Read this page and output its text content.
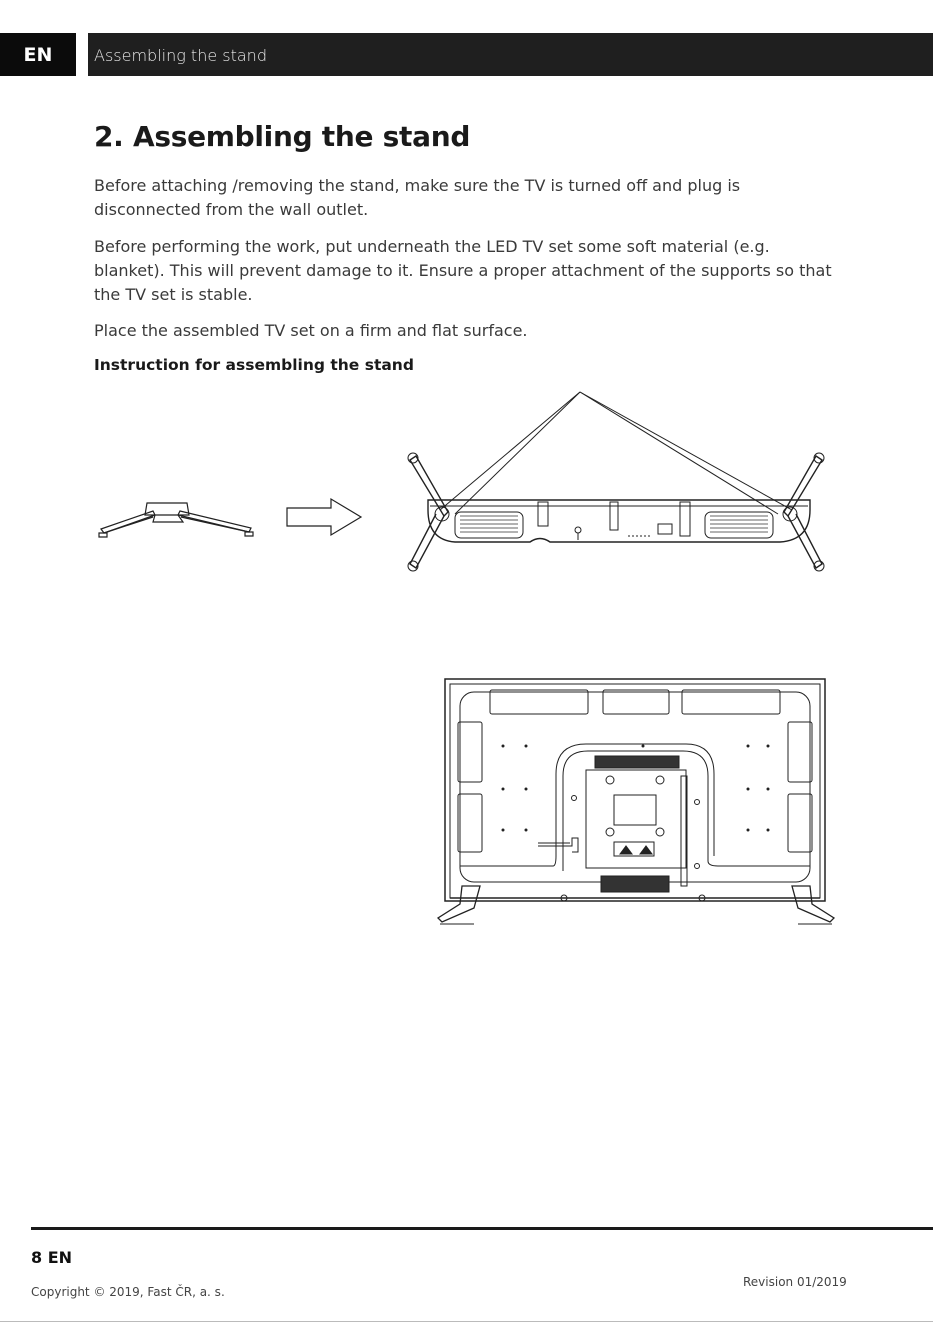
EN	Assembling the stand
2. Assembling the stand

Before attaching /removing the stand, make sure the TV is turned off and plug is disconnected from the wall outlet.

Before performing the work, put underneath the LED TV set some soft material (e.g. blanket). This will prevent damage to it. Ensure a proper attachment of the supports so that the TV set is stable.

Place the assembled TV set on a firm and flat surface.

Instruction for assembling the stand
8 EN
Copyright © 2019, Fast ČR, a. s.
Revision 01/2019
